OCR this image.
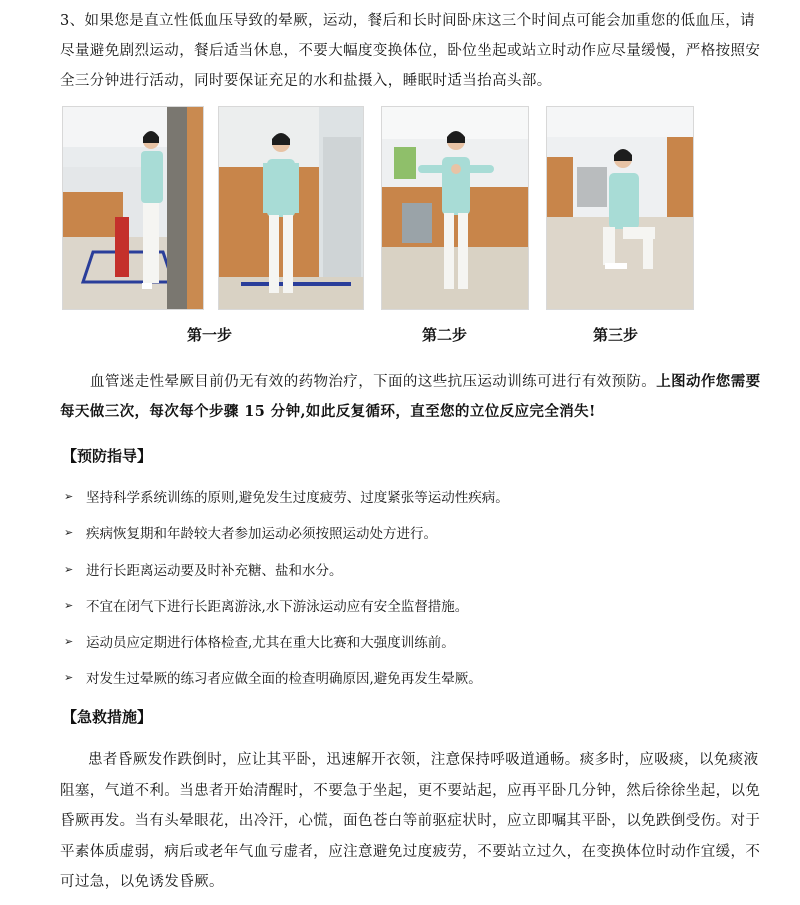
3、如果您是直立性低血压导致的晕厥，运动，餐后和长时间卧床这三个时间点可能会加重您的低血压，请尽量避免剧烈运动，餐后适当休息，不要大幅度变换体位，卧位坐起或站立时动作应尽量缓慢，严格按照安全三分钟进行活动，同时要保证充足的水和盐摄入，睡眠时适当抬高头部。

第一步	第二步	第三步

血管迷走性晕厥目前仍无有效的药物治疗，下面的这些抗压运动训练可进行有效预防。上图动作您需要每天做三次，每次每个步骤 15 分钟,如此反复循环，直至您的立位反应完全消失!

【预防指导】

➢ 坚持科学系统训练的原则,避免发生过度疲劳、过度紧张等运动性疾病。

➢ 疾病恢复期和年龄较大者参加运动必须按照运动处方进行。

➢ 进行长距离运动要及时补充糖、盐和水分。

➢ 不宜在闭气下进行长距离游泳,水下游泳运动应有安全监督措施。

➢ 运动员应定期进行体格检查,尤其在重大比赛和大强度训练前。

➢ 对发生过晕厥的练习者应做全面的检查明确原因,避免再发生晕厥。

【急救措施】

患者昏厥发作跌倒时，应让其平卧，迅速解开衣领，注意保持呼吸道通畅。痰多时，应吸痰，以免痰液阻塞，气道不利。当患者开始清醒时，不要急于坐起，更不要站起，应再平卧几分钟，然后徐徐坐起，以免昏厥再发。当有头晕眼花，出冷汗，心慌，面色苍白等前驱症状时，应立即嘱其平卧，以免跌倒受伤。对于平素体质虚弱，病后或老年气血亏虚者，应注意避免过度疲劳，不要站立过久，在变换体位时动作宜缓，不可过急，以免诱发昏厥。
